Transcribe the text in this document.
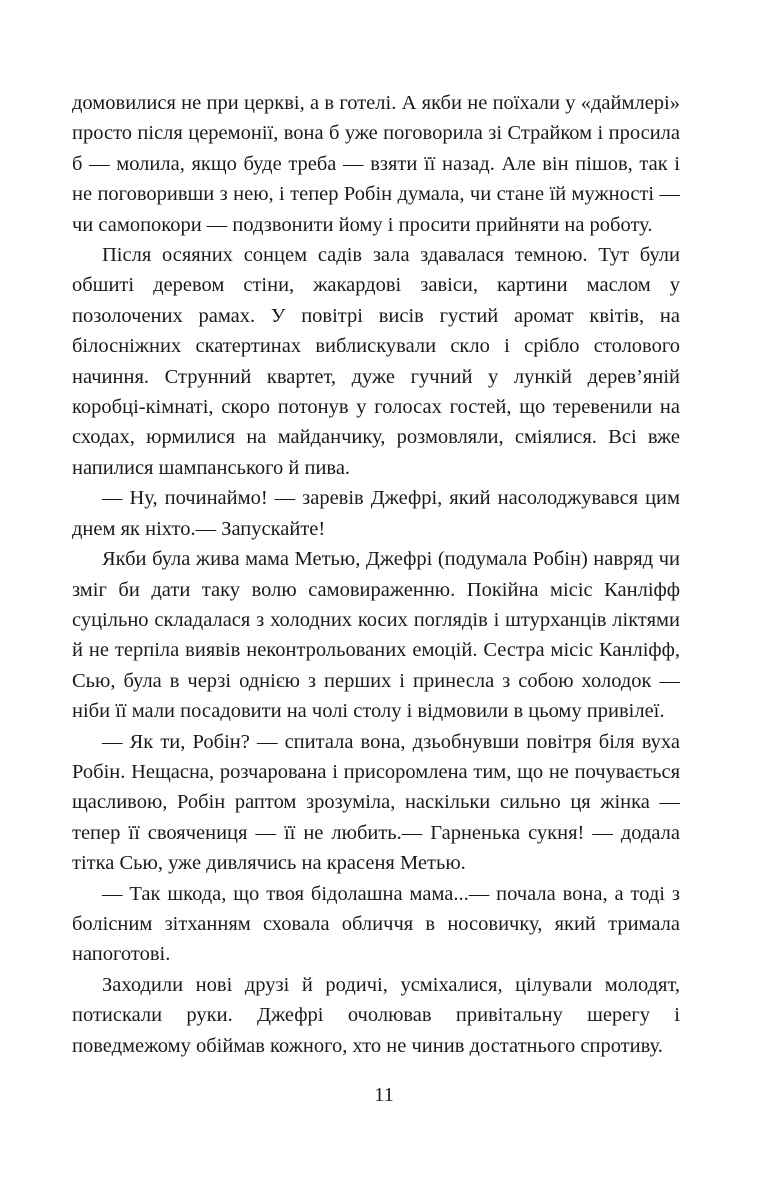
домовилися не при церкві, а в готелі. А якби не поїхали у «даймлері» просто після церемонії, вона б уже поговорила зі Страйком і просила б — молила, якщо буде треба — взяти її назад. Але він пішов, так і не поговоривши з нею, і тепер Робін думала, чи стане їй мужності — чи самопокори — подзвонити йому і просити прийняти на роботу.

Після осяяних сонцем садів зала здавалася темною. Тут були обшиті деревом стіни, жакардові завіси, картини маслом у позолочених рамах. У повітрі висів густий аромат квітів, на білосніжних скатертинах виблискували скло і срібло столового начиння. Струнний квартет, дуже гучний у лункій дерев’яній коробці-кімнаті, скоро потонув у голосах гостей, що теревенили на сходах, юрмилися на майданчику, розмовляли, сміялися. Всі вже напилися шампанського й пива.

— Ну, починаймо! — заревів Джефрі, який насолоджувався цим днем як ніхто.— Запускайте!

Якби була жива мама Метью, Джефрі (подумала Робін) навряд чи зміг би дати таку волю самовираженню. Покійна місіс Канліфф суцільно складалася з холодних косих поглядів і штурханців ліктями й не терпіла виявів неконтрольованих емоцій. Сестра місіс Канліфф, Сью, була в черзі однією з перших і принесла з собою холодок — ніби її мали посадовити на чолі столу і відмовили в цьому привілеї.

— Як ти, Робін? — спитала вона, дзьобнувши повітря біля вуха Робін. Нещасна, розчарована і присоромлена тим, що не почувається щасливою, Робін раптом зрозуміла, наскільки сильно ця жінка — тепер її своячениця — її не любить.— Гарненька сукня! — додала тітка Сью, уже дивлячись на красеня Метью.

— Так шкода, що твоя бідолашна мама...— почала вона, а тоді з болісним зітханням сховала обличчя в носовичку, який тримала напоготові.

Заходили нові друзі й родичі, усміхалися, цілували молодят, потискали руки. Джефрі очолював привітальну шерегу і поведмежому обіймав кожного, хто не чинив достатнього спротиву.

11
